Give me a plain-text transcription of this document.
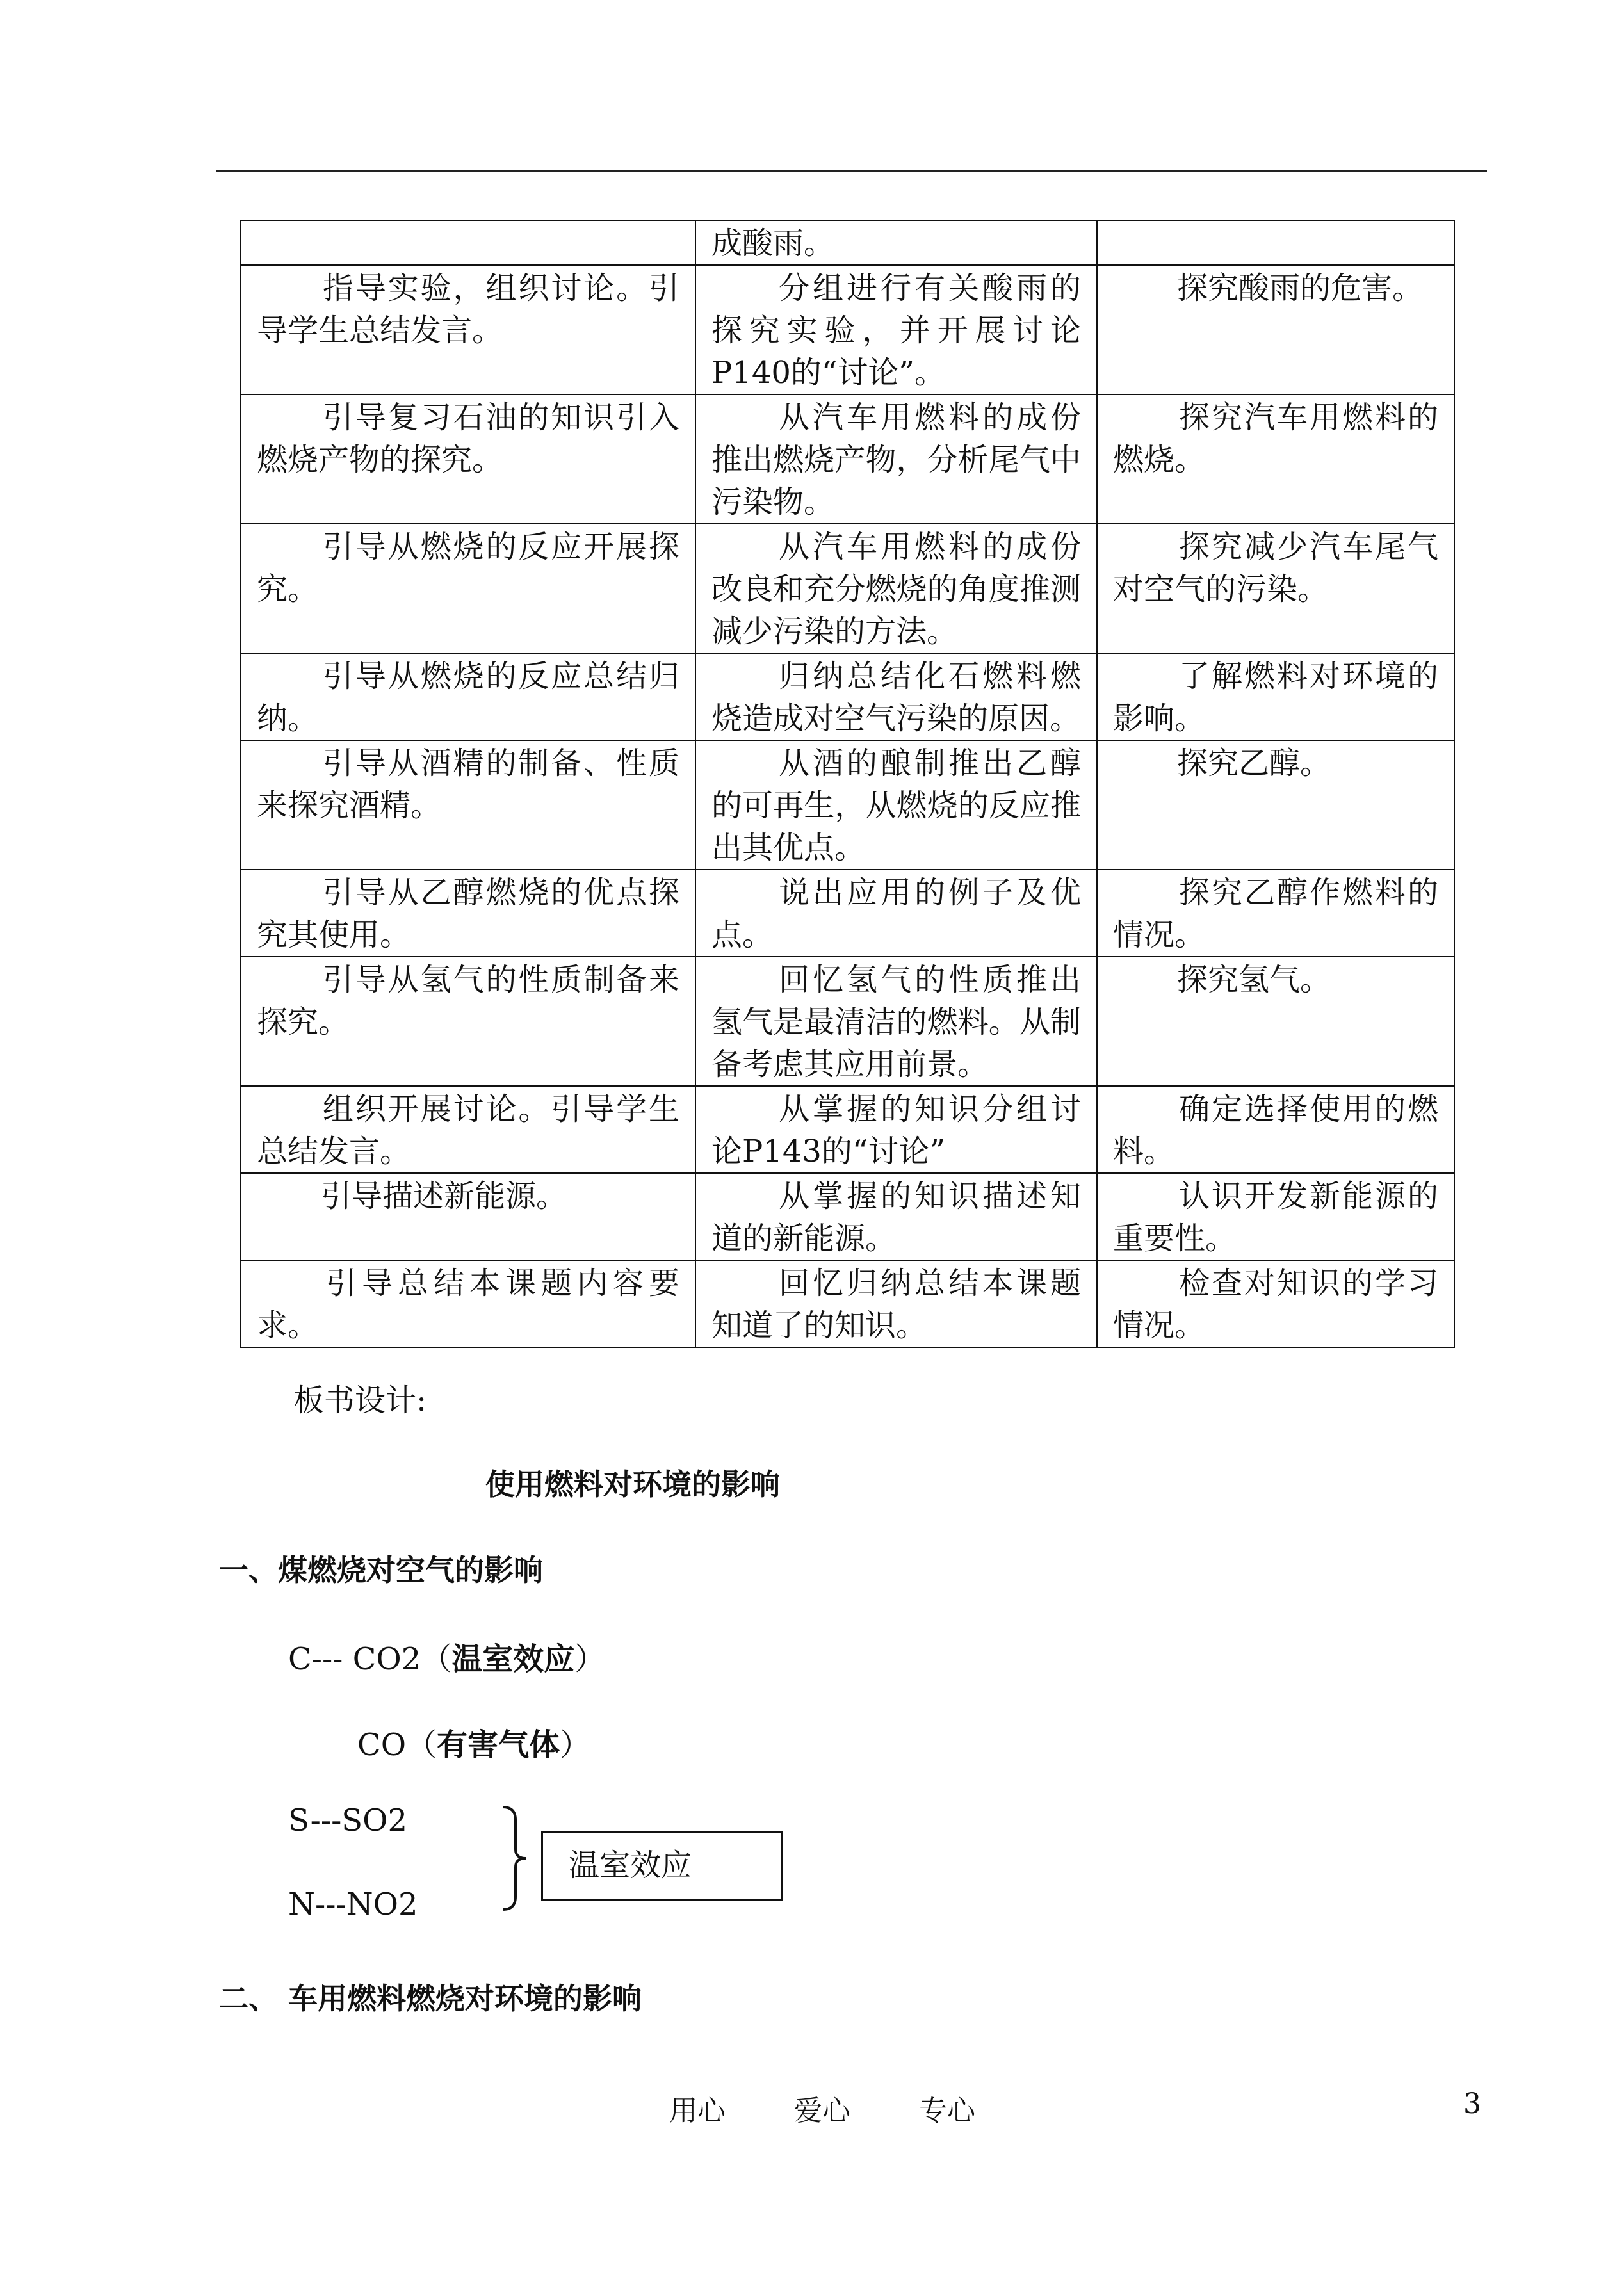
	成酸雨。	
指导实验，组织讨论。引导学生总结发言。	分组进行有关酸雨的探究实验，并开展讨论P140的“讨论”。	探究酸雨的危害。
引导复习石油的知识引入燃烧产物的探究。	从汽车用燃料的成份推出燃烧产物，分析尾气中污染物。	探究汽车用燃料的燃烧。
引导从燃烧的反应开展探究。	从汽车用燃料的成份改良和充分燃烧的角度推测减少污染的方法。	探究减少汽车尾气对空气的污染。
引导从燃烧的反应总结归纳。	归纳总结化石燃料燃烧造成对空气污染的原因。	了解燃料对环境的影响。
引导从酒精的制备、性质来探究酒精。	从酒的酿制推出乙醇的可再生，从燃烧的反应推出其优点。	探究乙醇。
引导从乙醇燃烧的优点探究其使用。	说出应用的例子及优点。	探究乙醇作燃料的情况。
引导从氢气的性质制备来探究。	回忆氢气的性质推出氢气是最清洁的燃料。从制备考虑其应用前景。	探究氢气。
组织开展讨论。引导学生总结发言。	从掌握的知识分组讨论P143的“讨论”	确定选择使用的燃料。
引导描述新能源。	从掌握的知识描述知道的新能源。	认识开发新能源的重要性。
引导总结本课题内容要求。	回忆归纳总结本课题知道了的知识。	检查对知识的学习情况。
板书设计:
使用燃料对环境的影响
一、煤燃烧对空气的影响
C--- CO2（温室效应）
CO（有害气体）
S---SO2
N---NO2
温室效应
二、 车用燃料燃烧对环境的影响
用心 爱心 专心	3
